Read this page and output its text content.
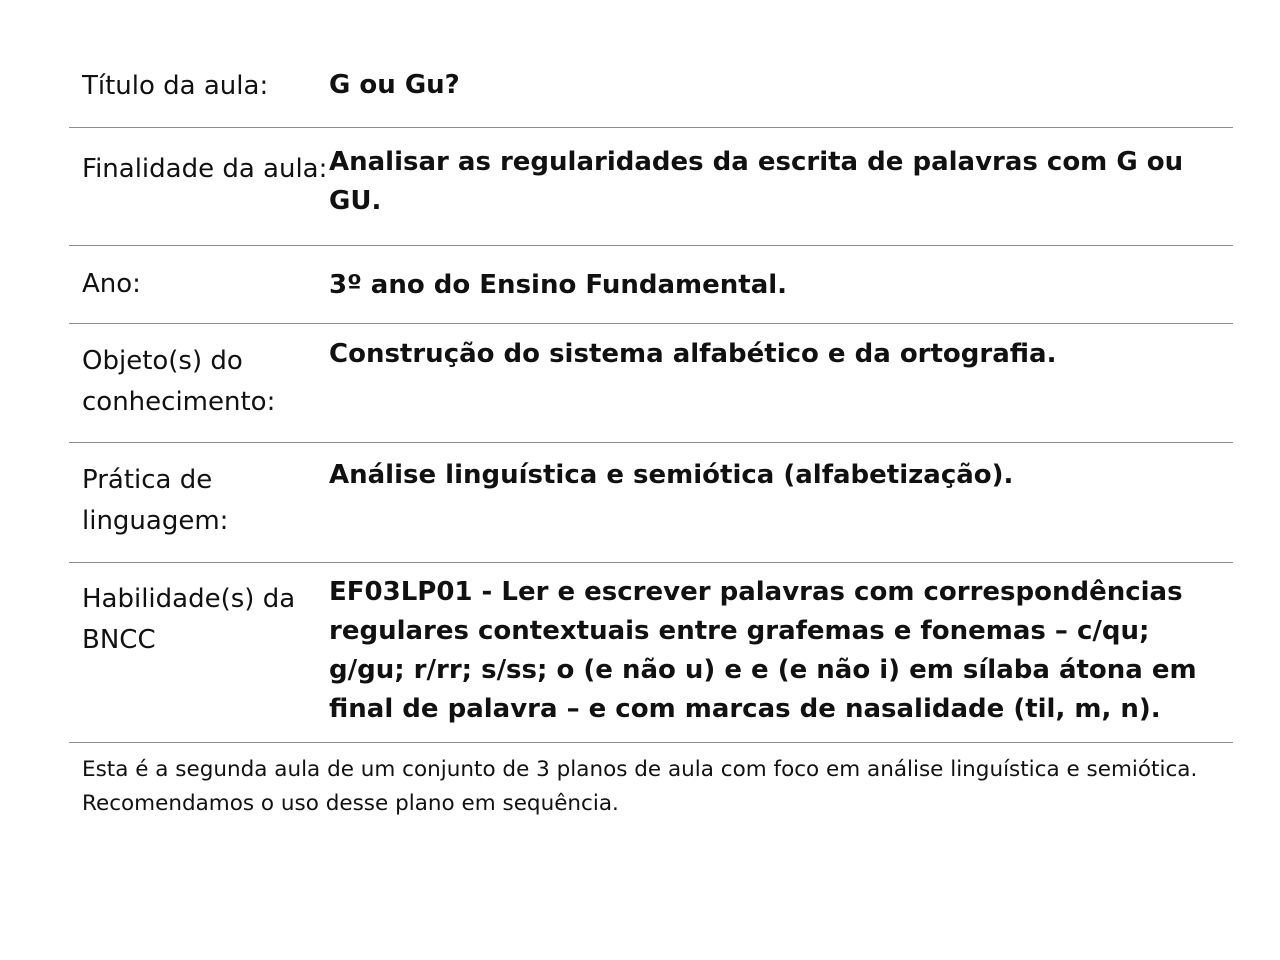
Título da aula:	G ou Gu?
Finalidade da aula: Analisar as regularidades da escrita de palavras com G ou GU.
Ano:	3º ano do Ensino Fundamental.
Objeto(s) do conhecimento:
Construção do sistema alfabético e da ortografia.
Prática de linguagem:
Análise linguística e semiótica (alfabetização).
Habilidade(s) da BNCC
EF03LP01 - Ler e escrever palavras com correspondências regulares contextuais entre grafemas e fonemas – c/qu; g/gu; r/rr; s/ss; o (e não u) e e (e não i) em sílaba átona em final de palavra – e com marcas de nasalidade (til, m, n).
Esta é a segunda aula de um conjunto de 3 planos de aula com foco em análise linguística e semiótica. Recomendamos o uso desse plano em sequência.
